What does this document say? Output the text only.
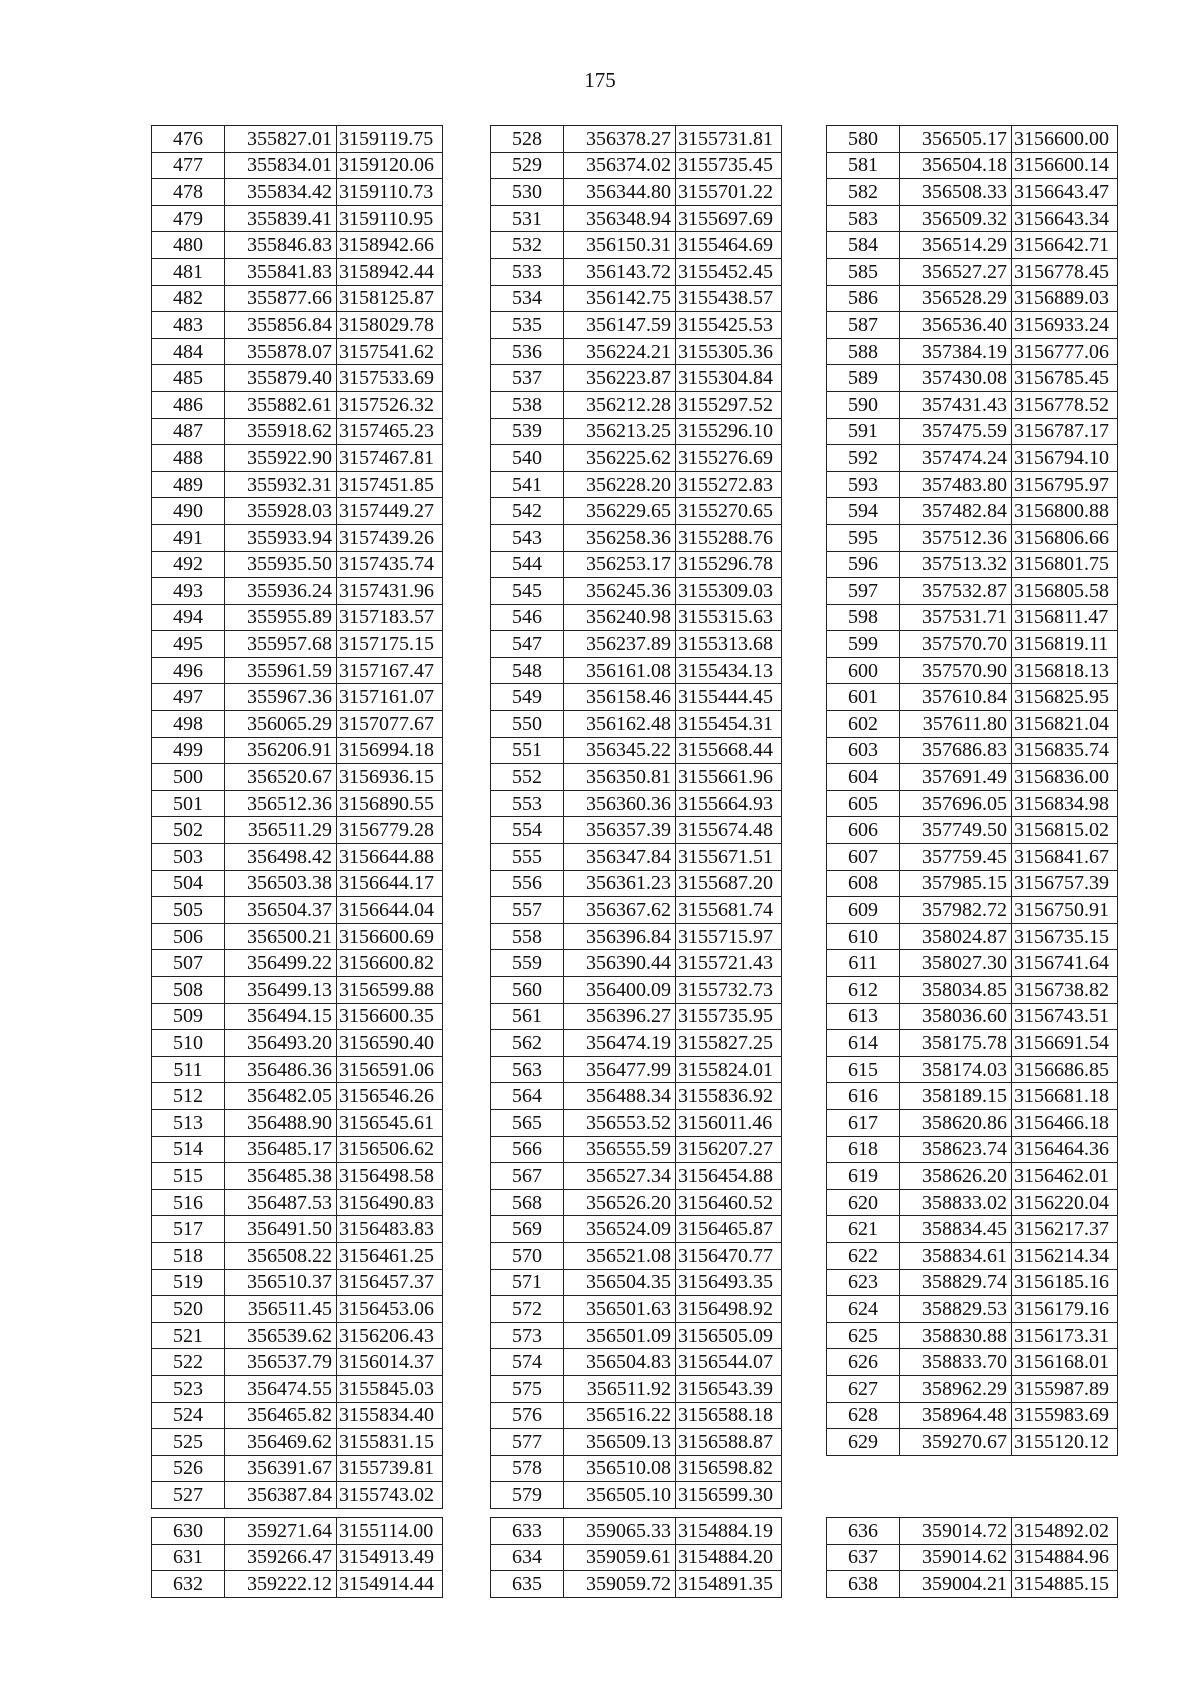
175
476	355827.01	3159119.75
477	355834.01	3159120.06
478	355834.42	3159110.73
479	355839.41	3159110.95
480	355846.83	3158942.66
481	355841.83	3158942.44
482	355877.66	3158125.87
483	355856.84	3158029.78
484	355878.07	3157541.62
485	355879.40	3157533.69
486	355882.61	3157526.32
487	355918.62	3157465.23
488	355922.90	3157467.81
489	355932.31	3157451.85
490	355928.03	3157449.27
491	355933.94	3157439.26
492	355935.50	3157435.74
493	355936.24	3157431.96
494	355955.89	3157183.57
495	355957.68	3157175.15
496	355961.59	3157167.47
497	355967.36	3157161.07
498	356065.29	3157077.67
499	356206.91	3156994.18
500	356520.67	3156936.15
501	356512.36	3156890.55
502	356511.29	3156779.28
503	356498.42	3156644.88
504	356503.38	3156644.17
505	356504.37	3156644.04
506	356500.21	3156600.69
507	356499.22	3156600.82
508	356499.13	3156599.88
509	356494.15	3156600.35
510	356493.20	3156590.40
511	356486.36	3156591.06
512	356482.05	3156546.26
513	356488.90	3156545.61
514	356485.17	3156506.62
515	356485.38	3156498.58
516	356487.53	3156490.83
517	356491.50	3156483.83
518	356508.22	3156461.25
519	356510.37	3156457.37
520	356511.45	3156453.06
521	356539.62	3156206.43
522	356537.79	3156014.37
523	356474.55	3155845.03
524	356465.82	3155834.40
525	356469.62	3155831.15
526	356391.67	3155739.81
527	356387.84	3155743.02
528	356378.27	3155731.81
529	356374.02	3155735.45
530	356344.80	3155701.22
531	356348.94	3155697.69
532	356150.31	3155464.69
533	356143.72	3155452.45
534	356142.75	3155438.57
535	356147.59	3155425.53
536	356224.21	3155305.36
537	356223.87	3155304.84
538	356212.28	3155297.52
539	356213.25	3155296.10
540	356225.62	3155276.69
541	356228.20	3155272.83
542	356229.65	3155270.65
543	356258.36	3155288.76
544	356253.17	3155296.78
545	356245.36	3155309.03
546	356240.98	3155315.63
547	356237.89	3155313.68
548	356161.08	3155434.13
549	356158.46	3155444.45
550	356162.48	3155454.31
551	356345.22	3155668.44
552	356350.81	3155661.96
553	356360.36	3155664.93
554	356357.39	3155674.48
555	356347.84	3155671.51
556	356361.23	3155687.20
557	356367.62	3155681.74
558	356396.84	3155715.97
559	356390.44	3155721.43
560	356400.09	3155732.73
561	356396.27	3155735.95
562	356474.19	3155827.25
563	356477.99	3155824.01
564	356488.34	3155836.92
565	356553.52	3156011.46
566	356555.59	3156207.27
567	356527.34	3156454.88
568	356526.20	3156460.52
569	356524.09	3156465.87
570	356521.08	3156470.77
571	356504.35	3156493.35
572	356501.63	3156498.92
573	356501.09	3156505.09
574	356504.83	3156544.07
575	356511.92	3156543.39
576	356516.22	3156588.18
577	356509.13	3156588.87
578	356510.08	3156598.82
579	356505.10	3156599.30
580	356505.17	3156600.00
581	356504.18	3156600.14
582	356508.33	3156643.47
583	356509.32	3156643.34
584	356514.29	3156642.71
585	356527.27	3156778.45
586	356528.29	3156889.03
587	356536.40	3156933.24
588	357384.19	3156777.06
589	357430.08	3156785.45
590	357431.43	3156778.52
591	357475.59	3156787.17
592	357474.24	3156794.10
593	357483.80	3156795.97
594	357482.84	3156800.88
595	357512.36	3156806.66
596	357513.32	3156801.75
597	357532.87	3156805.58
598	357531.71	3156811.47
599	357570.70	3156819.11
600	357570.90	3156818.13
601	357610.84	3156825.95
602	357611.80	3156821.04
603	357686.83	3156835.74
604	357691.49	3156836.00
605	357696.05	3156834.98
606	357749.50	3156815.02
607	357759.45	3156841.67
608	357985.15	3156757.39
609	357982.72	3156750.91
610	358024.87	3156735.15
611	358027.30	3156741.64
612	358034.85	3156738.82
613	358036.60	3156743.51
614	358175.78	3156691.54
615	358174.03	3156686.85
616	358189.15	3156681.18
617	358620.86	3156466.18
618	358623.74	3156464.36
619	358626.20	3156462.01
620	358833.02	3156220.04
621	358834.45	3156217.37
622	358834.61	3156214.34
623	358829.74	3156185.16
624	358829.53	3156179.16
625	358830.88	3156173.31
626	358833.70	3156168.01
627	358962.29	3155987.89
628	358964.48	3155983.69
629	359270.67	3155120.12
630	359271.64	3155114.00
631	359266.47	3154913.49
632	359222.12	3154914.44
633	359065.33	3154884.19
634	359059.61	3154884.20
635	359059.72	3154891.35
636	359014.72	3154892.02
637	359014.62	3154884.96
638	359004.21	3154885.15
